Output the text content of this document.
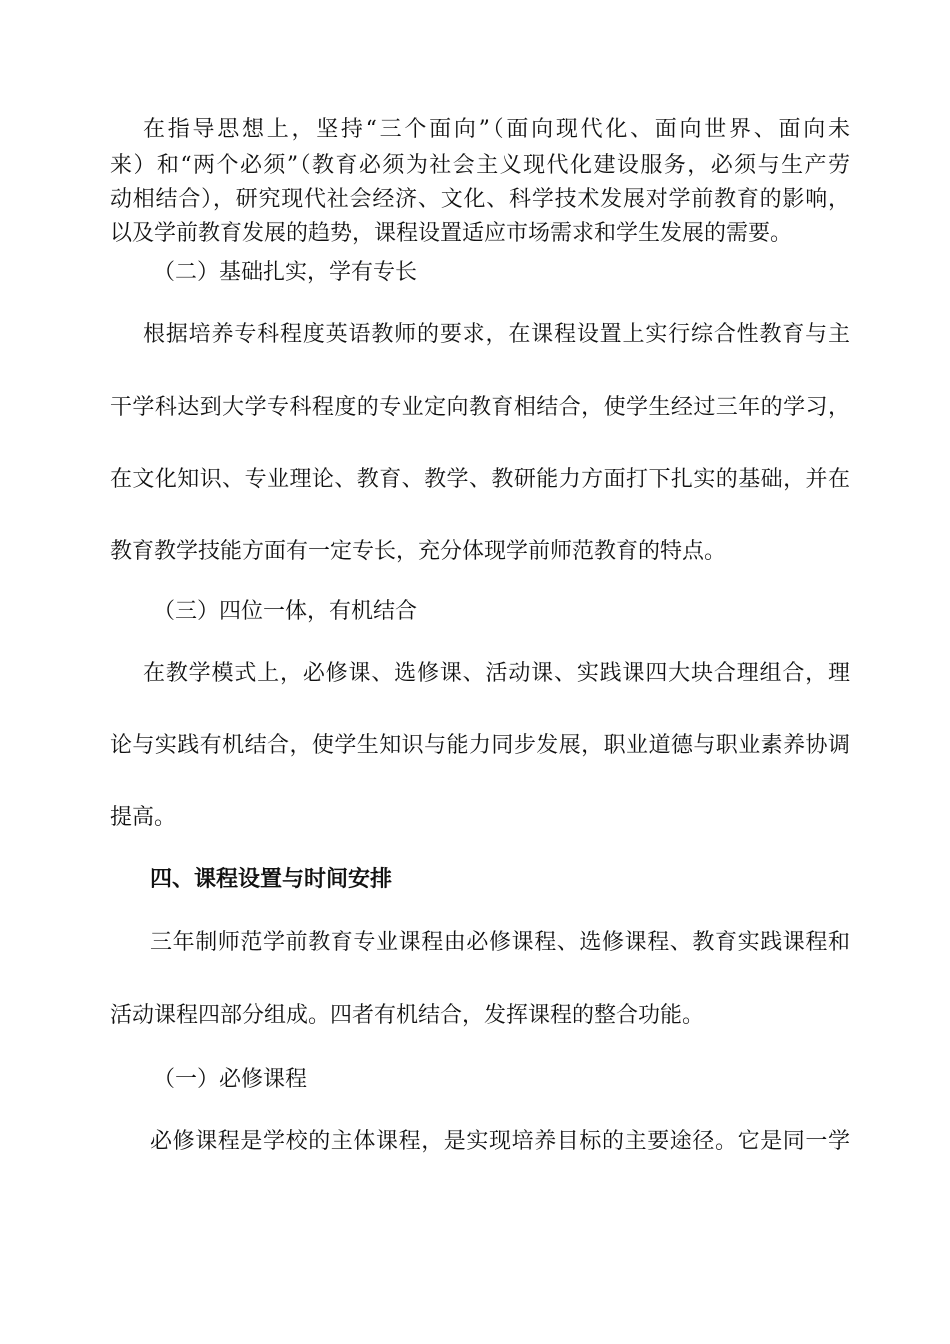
在指导思想上，坚持“三个面向”（面向现代化、面向世界、面向未
来）和“两个必须”（教育必须为社会主义现代化建设服务，必须与生产劳
动相结合），研究现代社会经济、文化、科学技术发展对学前教育的影响，
以及学前教育发展的趋势，课程设置适应市场需求和学生发展的需要。
（二）基础扎实，学有专长
根据培养专科程度英语教师的要求，在课程设置上实行综合性教育与主
干学科达到大学专科程度的专业定向教育相结合，使学生经过三年的学习，
在文化知识、专业理论、教育、教学、教研能力方面打下扎实的基础，并在
教育教学技能方面有一定专长，充分体现学前师范教育的特点。
（三）四位一体，有机结合
在教学模式上，必修课、选修课、活动课、实践课四大块合理组合，理
论与实践有机结合，使学生知识与能力同步发展，职业道德与职业素养协调
提高。
四、课程设置与时间安排
三年制师范学前教育专业课程由必修课程、选修课程、教育实践课程和
活动课程四部分组成。四者有机结合，发挥课程的整合功能。
（一）必修课程
必修课程是学校的主体课程，是实现培养目标的主要途径。它是同一学
